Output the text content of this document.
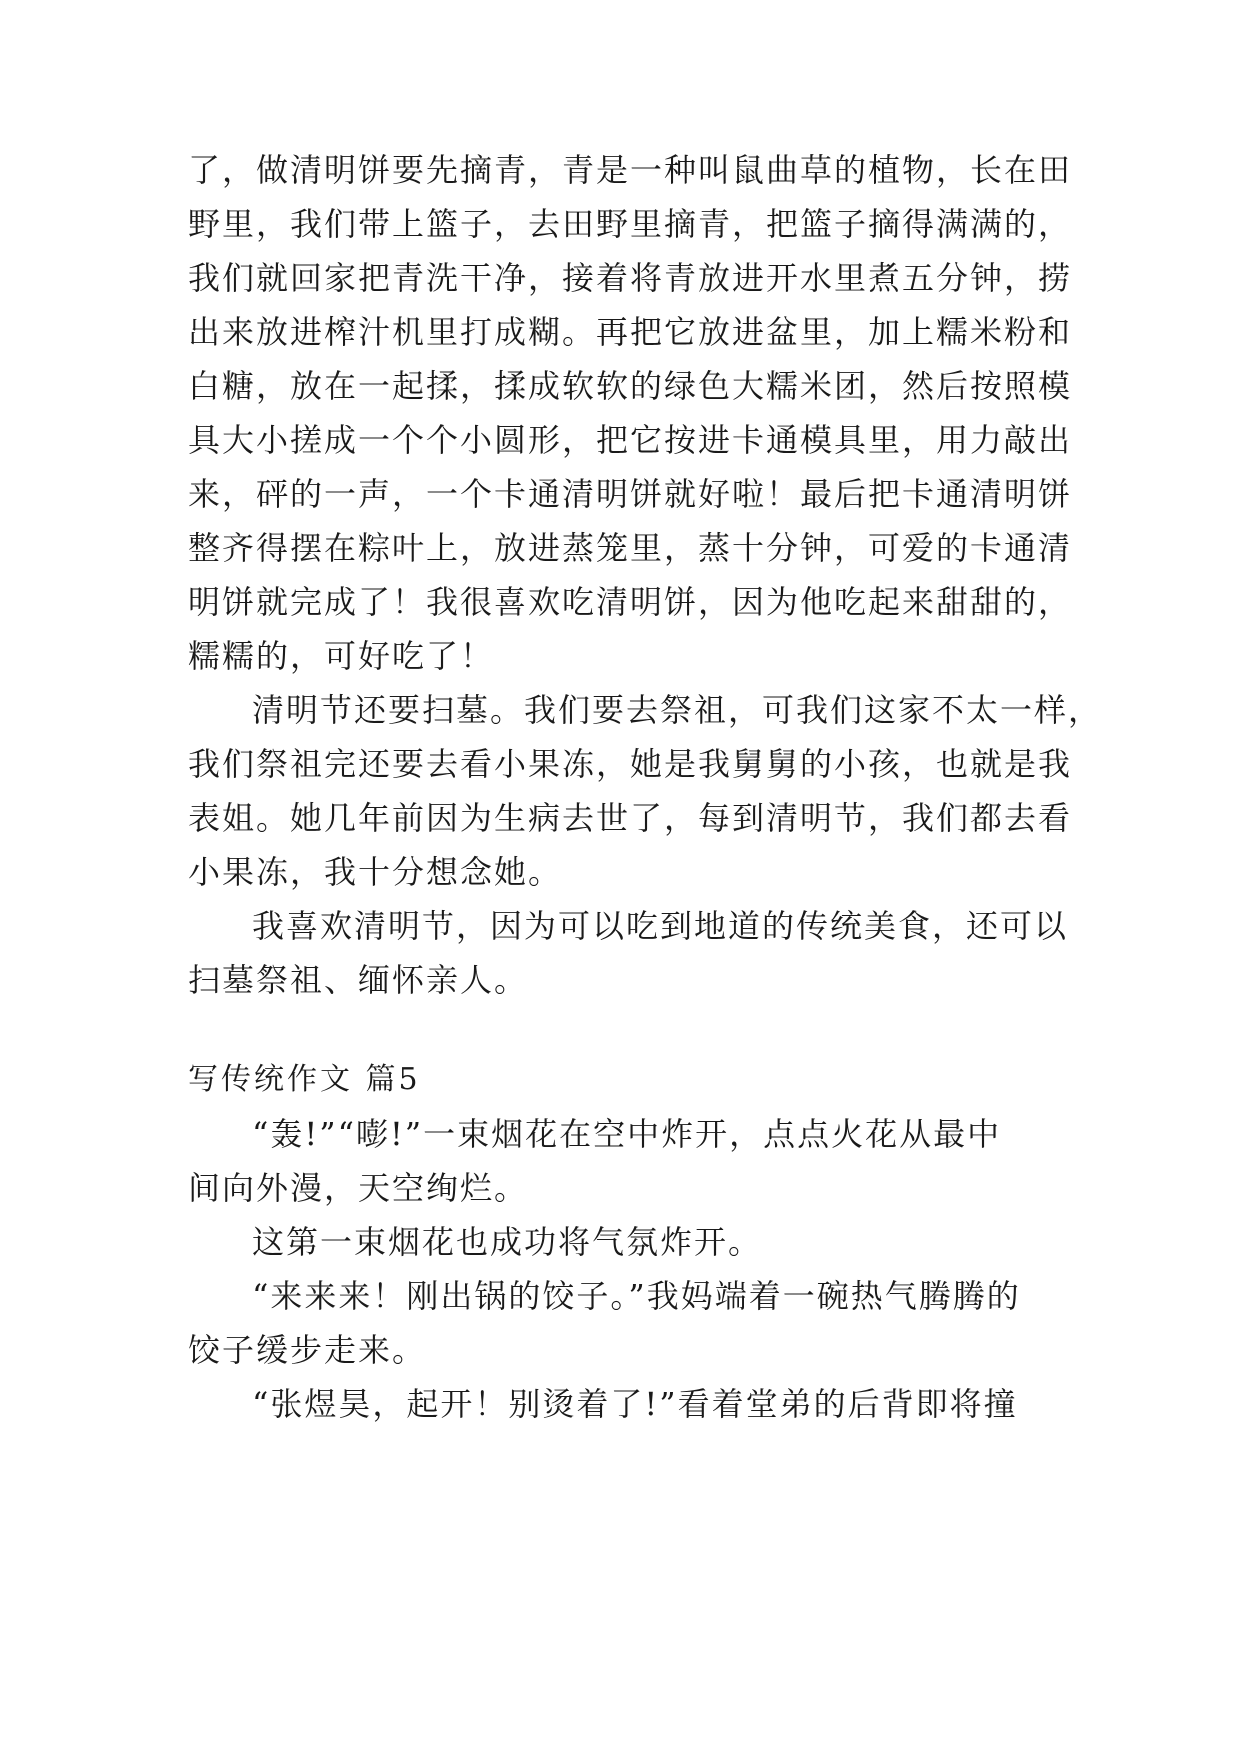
了，做清明饼要先摘青，青是一种叫鼠曲草的植物，长在田
野里，我们带上篮子，去田野里摘青，把篮子摘得满满的，
我们就回家把青洗干净，接着将青放进开水里煮五分钟，捞
出来放进榨汁机里打成糊。再把它放进盆里，加上糯米粉和
白糖，放在一起揉，揉成软软的绿色大糯米团，然后按照模
具大小搓成一个个小圆形，把它按进卡通模具里，用力敲出
来，砰的一声，一个卡通清明饼就好啦！最后把卡通清明饼
整齐得摆在粽叶上，放进蒸笼里，蒸十分钟，可爱的卡通清
明饼就完成了！我很喜欢吃清明饼，因为他吃起来甜甜的，
糯糯的，可好吃了！
清明节还要扫墓。我们要去祭祖，可我们这家不太一样，
我们祭祖完还要去看小果冻，她是我舅舅的小孩，也就是我
表姐。她几年前因为生病去世了，每到清明节，我们都去看
小果冻，我十分想念她。
我喜欢清明节，因为可以吃到地道的传统美食，还可以
扫墓祭祖、缅怀亲人。
写传统作文 篇5
“轰!”“嘭!”一束烟花在空中炸开，点点火花从最中
间向外漫，天空绚烂。
这第一束烟花也成功将气氛炸开。
“来来来！刚出锅的饺子。”我妈端着一碗热气腾腾的
饺子缓步走来。
“张煜昊，起开！别烫着了!”看着堂弟的后背即将撞
